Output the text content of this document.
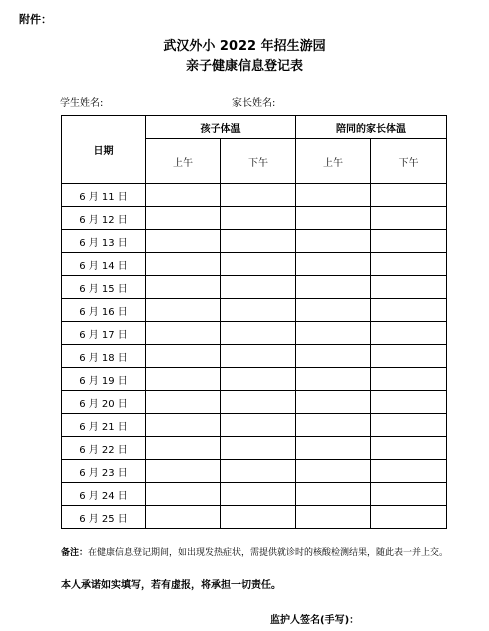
附件：
武汉外小 2022 年招生游园
亲子健康信息登记表
学生姓名:	家长姓名:
日期	孩子体温		陪同的家长体温	
	上午	下午	上午	下午
6 月 11 日				
6 月 12 日				
6 月 13 日				
6 月 14 日				
6 月 15 日				
6 月 16 日				
6 月 17 日				
6 月 18 日				
6 月 19 日				
6 月 20 日				
6 月 21 日				
6 月 22 日				
6 月 23 日				
6 月 24 日				
6 月 25 日				
备注：在健康信息登记期间，如出现发热症状，需提供就诊时的核酸检测结果，随此表一并上交。
本人承诺如实填写，若有虚报，将承担一切责任。
监护人签名(手写)：
